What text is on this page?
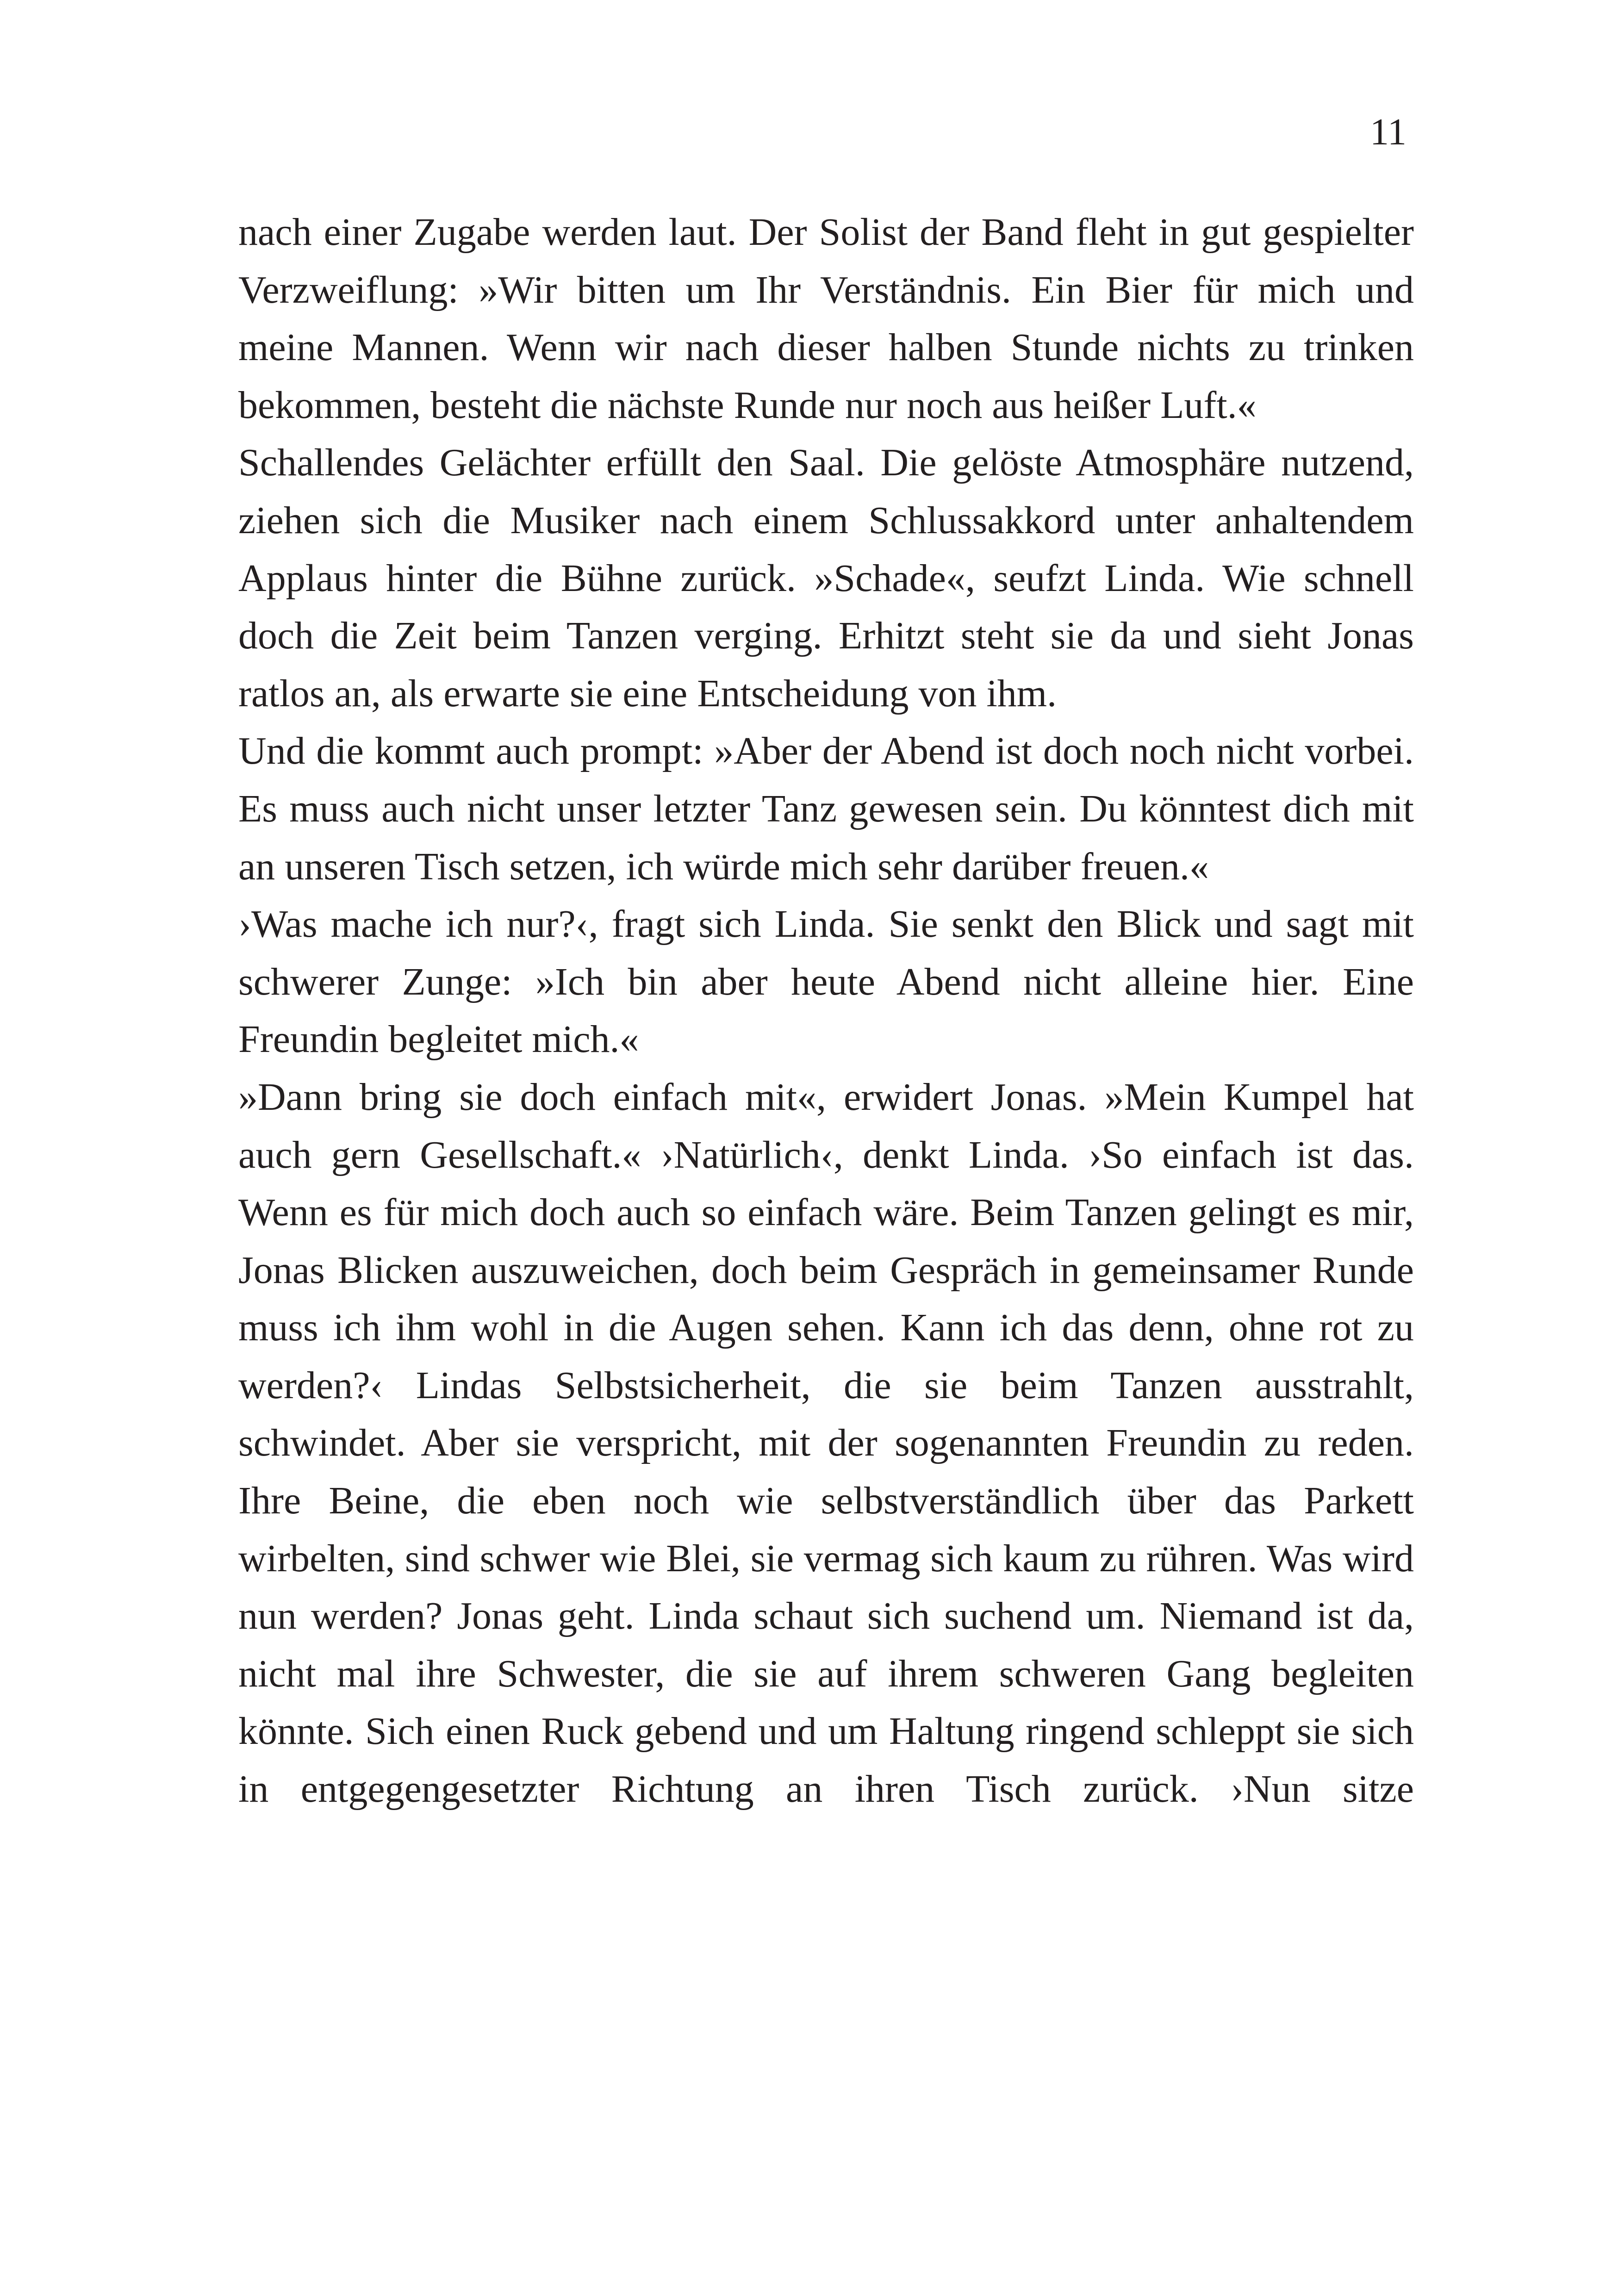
11

nach einer Zugabe werden laut. Der Solist der Band fleht in gut gespielter Verzweiflung: »Wir bitten um Ihr Verständnis. Ein Bier für mich und meine Mannen. Wenn wir nach dieser halben Stunde nichts zu trinken bekommen, besteht die nächste Runde nur noch aus heißer Luft.«

Schallendes Gelächter erfüllt den Saal. Die gelöste Atmosphäre nutzend, ziehen sich die Musiker nach einem Schlussakkord unter anhaltendem Applaus hinter die Bühne zurück. »Schade«, seufzt Linda. Wie schnell doch die Zeit beim Tanzen verging. Erhitzt steht sie da und sieht Jonas ratlos an, als erwarte sie eine Entscheidung von ihm.

Und die kommt auch prompt: »Aber der Abend ist doch noch nicht vorbei. Es muss auch nicht unser letzter Tanz gewesen sein. Du könntest dich mit an unseren Tisch setzen, ich würde mich sehr darüber freuen.«

›Was mache ich nur?‹, fragt sich Linda. Sie senkt den Blick und sagt mit schwerer Zunge: »Ich bin aber heute Abend nicht alleine hier. Eine Freundin begleitet mich.«

»Dann bring sie doch einfach mit«, erwidert Jonas. »Mein Kumpel hat auch gern Gesellschaft.« ›Natürlich‹, denkt Linda. ›So einfach ist das. Wenn es für mich doch auch so einfach wäre. Beim Tanzen gelingt es mir, Jonas Blicken auszuweichen, doch beim Gespräch in gemeinsamer Runde muss ich ihm wohl in die Augen sehen. Kann ich das denn, ohne rot zu werden?‹ Lindas Selbstsicherheit, die sie beim Tanzen ausstrahlt, schwindet. Aber sie verspricht, mit der sogenannten Freundin zu reden. Ihre Beine, die eben noch wie selbstverständlich über das Parkett wirbelten, sind schwer wie Blei, sie vermag sich kaum zu rühren. Was wird nun werden? Jonas geht. Linda schaut sich suchend um. Niemand ist da, nicht mal ihre Schwester, die sie auf ihrem schweren Gang begleiten könnte. Sich einen Ruck gebend und um Haltung ringend schleppt sie sich in entgegengesetzter Richtung an ihren Tisch zurück. ›Nun sitze
